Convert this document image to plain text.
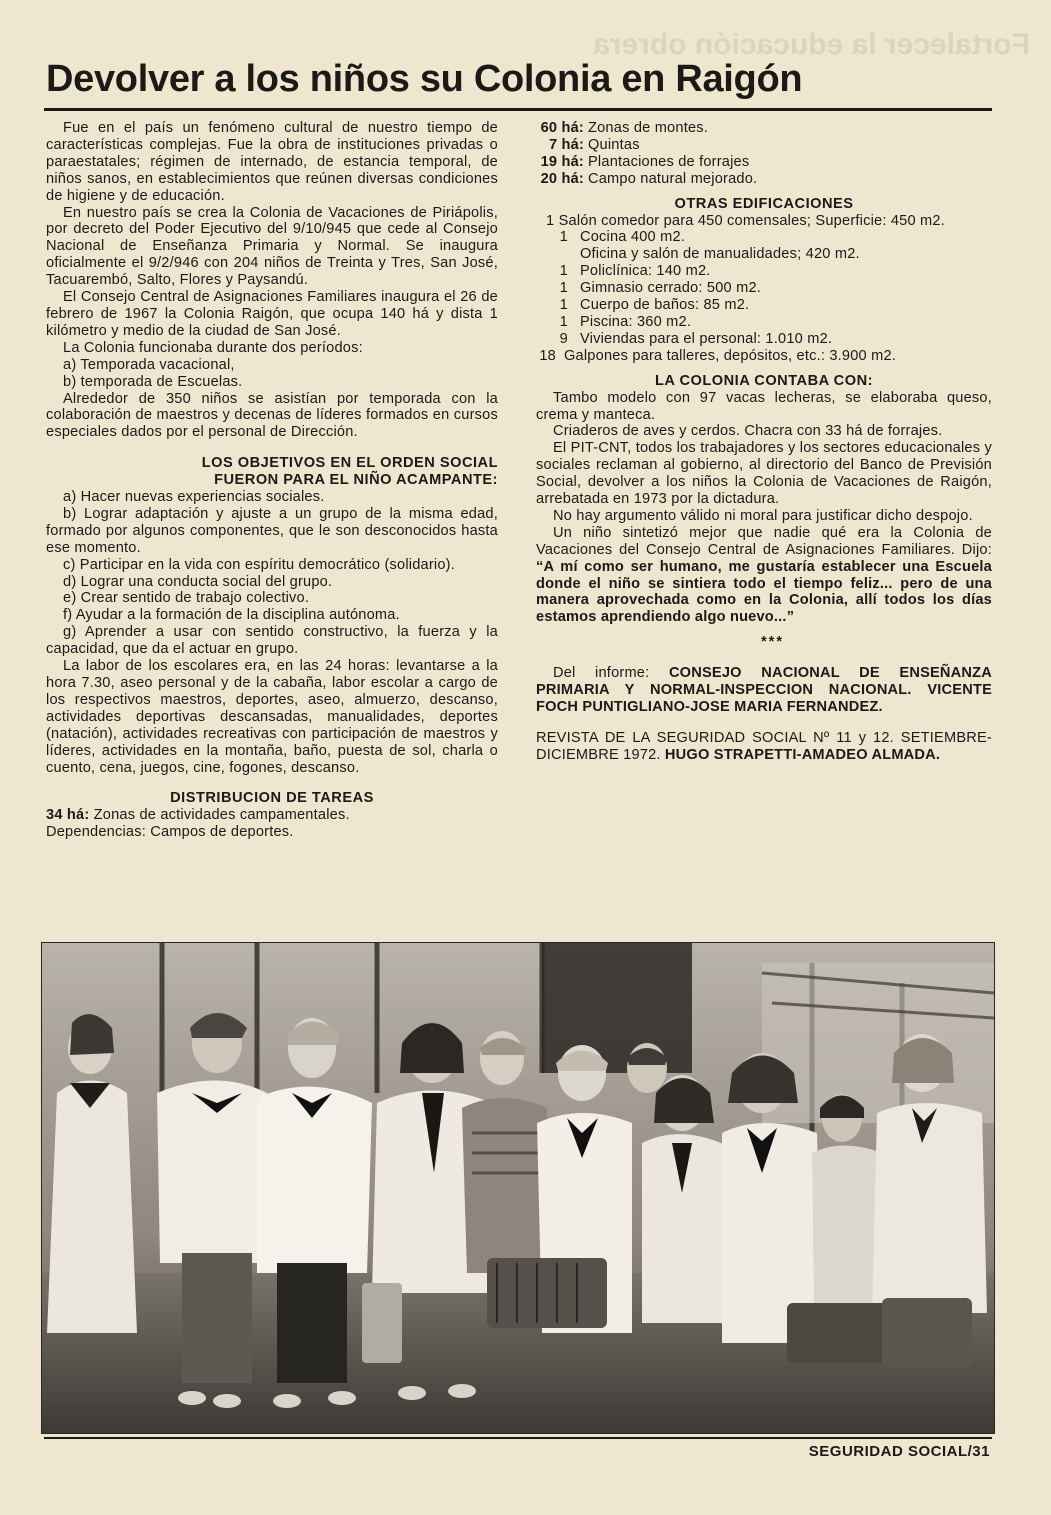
Fortalecer la educación obrera
Devolver a los niños su Colonia en Raigón

Fue en el país un fenómeno cultural de nuestro tiempo de características complejas. Fue la obra de instituciones privadas o paraestatales; régimen de internado, de estancia temporal, de niños sanos, en establecimientos que reúnen diversas condiciones de higiene y de educación.

En nuestro país se crea la Colonia de Vacaciones de Piriápolis, por decreto del Poder Ejecutivo del 9/10/945 que cede al Consejo Nacional de Enseñanza Primaria y Normal. Se inaugura oficialmente el 9/2/946 con 204 niños de Treinta y Tres, San José, Tacuarembó, Salto, Flores y Paysandú.

El Consejo Central de Asignaciones Familiares inaugura el 26 de febrero de 1967 la Colonia Raigón, que ocupa 140 há y dista 1 kilómetro y medio de la ciudad de San José.

La Colonia funcionaba durante dos períodos:

a) Temporada vacacional,

b) temporada de Escuelas.

Alrededor de 350 niños se asistían por temporada con la colaboración de maestros y decenas de líderes formados en cursos especiales dados por el personal de Dirección.

LOS OBJETIVOS EN EL ORDEN SOCIAL

FUERON PARA EL NIÑO ACAMPANTE:

a) Hacer nuevas experiencias sociales.

b) Lograr adaptación y ajuste a un grupo de la misma edad, formado por algunos componentes, que le son desconocidos hasta ese momento.

c) Participar en la vida con espíritu democrático (solidario).

d) Lograr una conducta social del grupo.

e) Crear sentido de trabajo colectivo.

f) Ayudar a la formación de la disciplina autónoma.

g) Aprender a usar con sentido constructivo, la fuerza y la capacidad, que da el actuar en grupo.

La labor de los escolares era, en las 24 horas: levantarse a la hora 7.30, aseo personal y de la cabaña, labor escolar a cargo de los respectivos maestros, deportes, aseo, almuerzo, descanso, actividades deportivas descansadas, manualidades, deportes (natación), actividades recreativas con participación de maestros y líderes, actividades en la montaña, baño, puesta de sol, charla o cuento, cena, juegos, cine, fogones, descanso.

DISTRIBUCION DE TAREAS

34 há: Zonas de actividades campamentales.

Dependencias: Campos de deportes.

60 há: Zonas de montes.
7 há: Quintas
19 há: Plantaciones de forrajes
20 há: Campo natural mejorado.

OTRAS EDIFICACIONES

1 Salón comedor para 450 comensales; Superficie: 450 m2.

1 Cocina 400 m2.
Oficina y salón de manualidades; 420 m2.
1 Policlínica: 140 m2.
1 Gimnasio cerrado: 500 m2.
1 Cuerpo de baños: 85 m2.
1 Piscina: 360 m2.
9 Viviendas para el personal: 1.010 m2.
18 Galpones para talleres, depósitos, etc.: 3.900 m2.

LA COLONIA CONTABA CON:

Tambo modelo con 97 vacas lecheras, se elaboraba queso, crema y manteca.

Criaderos de aves y cerdos. Chacra con 33 há de forrajes.

El PIT-CNT, todos los trabajadores y los sectores educacionales y sociales reclaman al gobierno, al directorio del Banco de Previsión Social, devolver a los niños la Colonia de Vacaciones de Raigón, arrebatada en 1973 por la dictadura.

No hay argumento válido ni moral para justificar dicho despojo.

Un niño sintetizó mejor que nadie qué era la Colonia de Vacaciones del Consejo Central de Asignaciones Familiares. Dijo: “A mí como ser humano, me gustaría establecer una Escuela donde el niño se sintiera todo el tiempo feliz... pero de una manera aprovechada como en la Colonia, allí todos los días estamos aprendiendo algo nuevo...”

***

Del informe: CONSEJO NACIONAL DE ENSEÑANZA PRIMARIA Y NORMAL-INSPECCION NACIONAL. VICENTE FOCH PUNTIGLIANO-JOSE MARIA FERNANDEZ.

REVISTA DE LA SEGURIDAD SOCIAL Nº 11 y 12. SETIEMBRE-DICIEMBRE 1972. HUGO STRAPETTI-AMADEO ALMADA.

SEGURIDAD SOCIAL/31
